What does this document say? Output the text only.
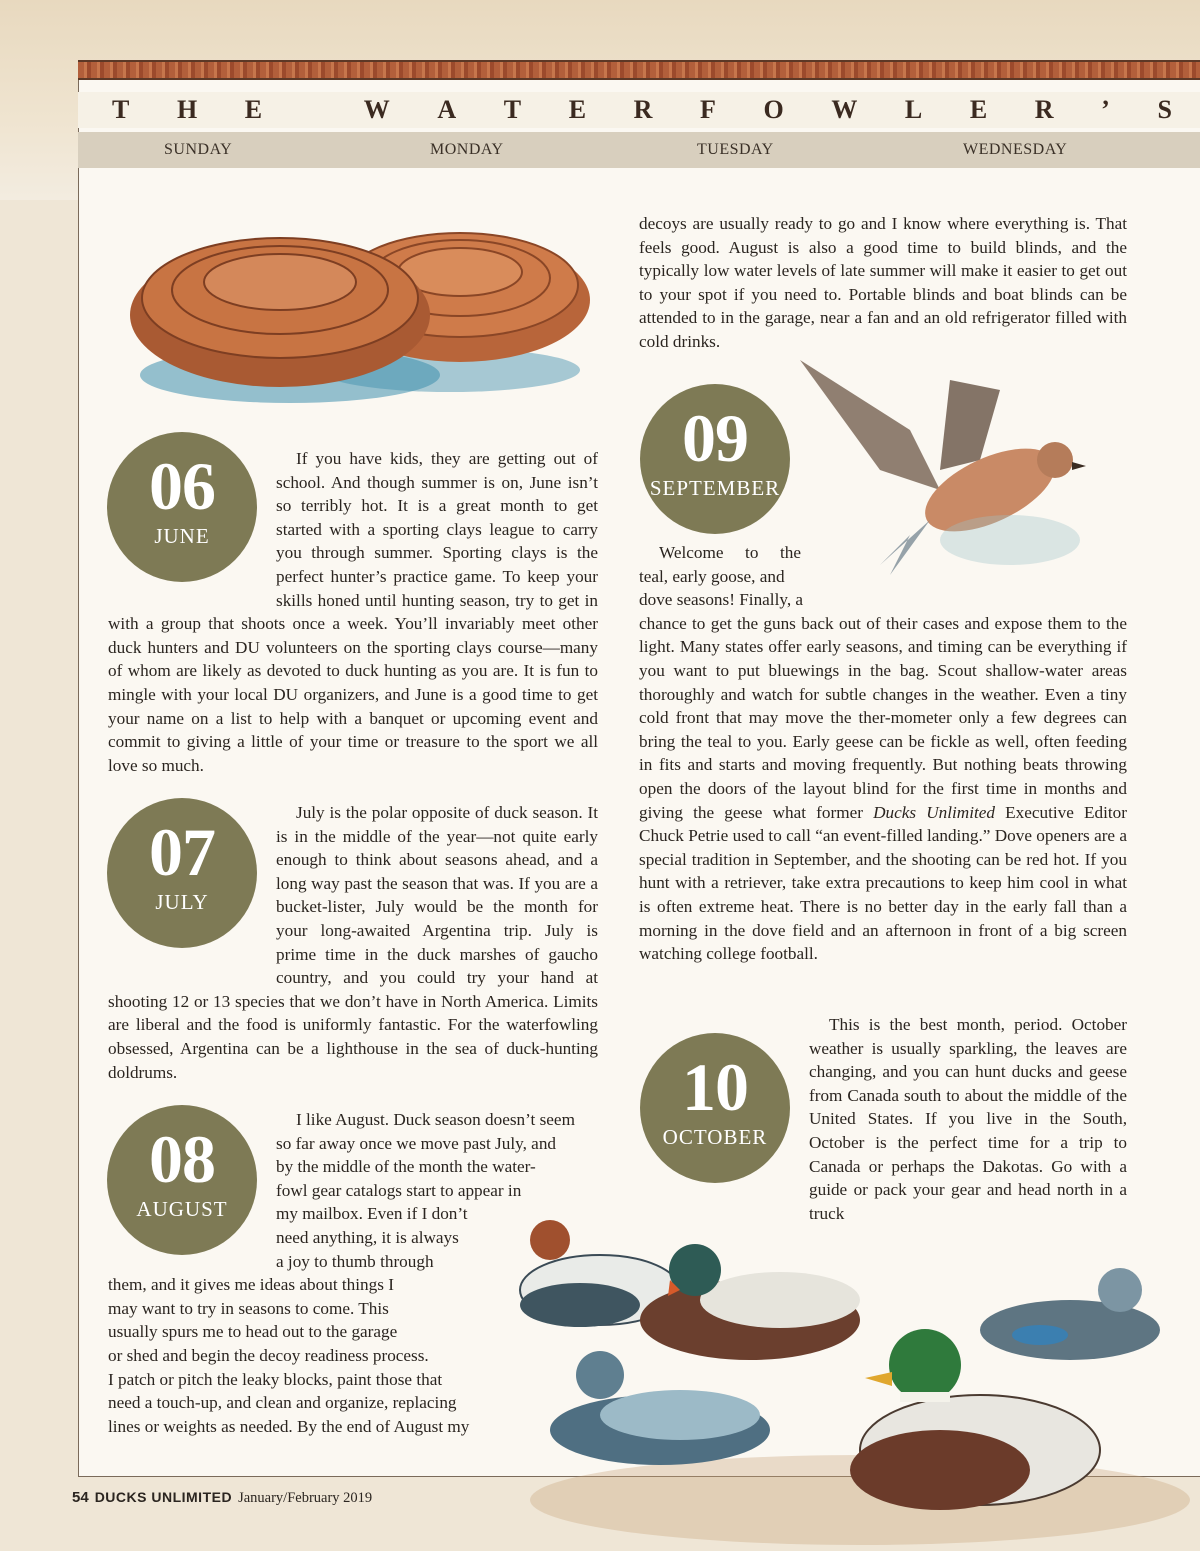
T H E
	W A T E R F O W L E R ’ S
SUNDAY	MONDAY	TUESDAY	WEDNESDAY
06
JUNE
If you have kids, they are getting out of school. And though summer is on, June isn’t so terribly hot. It is a great month to get started with a sporting clays league to carry you through summer. Sporting clays is the perfect hunter’s practice game. To keep your skills honed until hunting season, try to get in with a group that shoots once a week. You’ll invariably meet other duck hunters and DU volunteers on the sporting clays course—many of whom are likely as devoted to duck hunting as you are. It is fun to mingle with your local DU organizers, and June is a good time to get your name on a list to help with a banquet or upcoming event and commit to giving a little of your time or treasure to the sport we all love so much.
07
JULY
July is the polar opposite of duck season. It is in the middle of the year—not quite early enough to think about seasons ahead, and a long way past the season that was. If you are a bucket-lister, July would be the month for your long-awaited Argentina trip. July is prime time in the duck marshes of gaucho country, and you could try your hand at shooting 12 or 13 species that we don’t have in North America. Limits are liberal and the food is uniformly fantastic. For the waterfowling obsessed, Argentina can be a lighthouse in the sea of duck-hunting doldrums.
08
AUGUST
I like August. Duck season doesn’t seem
so far away once we move past July, and
by the middle of the month the water-
fowl gear catalogs start to appear in
my mailbox. Even if I don’t
need anything, it is always
a joy to thumb through
them, and it gives me ideas about things I
may want to try in seasons to come. This
usually spurs me to head out to the garage
or shed and begin the decoy readiness process.
I patch or pitch the leaky blocks, paint those that
need a touch-up, and clean and organize, replacing
lines or weights as needed. By the end of August my
decoys are usually ready to go and I know where everything is. That feels good. August is also a good time to build blinds, and the typically low water levels of late summer will make it easier to get out to your spot if you need to. Portable blinds and boat blinds can be attended to in the garage, near a fan and an old refrigerator filled with cold drinks.
09
SEPTEMBER
Welcome to the
teal, early goose, and
dove seasons! Finally, a
chance to get the guns back out of their cases and expose them to the light. Many states offer early seasons, and timing can be everything if you want to put bluewings in the bag. Scout shallow-water areas thoroughly and watch for subtle changes in the weather. Even a tiny cold front that may move the ther-mometer only a few degrees can bring the teal to you. Early geese can be fickle as well, often feeding in fits and starts and moving frequently. But nothing beats throwing open the doors of the layout blind for the first time in months and giving the geese what former Ducks Unlimited Executive Editor Chuck Petrie used to call “an event-filled landing.” Dove openers are a special tradition in September, and the shooting can be red hot. If you hunt with a retriever, take extra precautions to keep him cool in what is often extreme heat. There is no better day in the early fall than a morning in the dove field and an afternoon in front of a big screen watching college football.
10
OCTOBER
This is the best month, period. October weather is usually sparkling, the leaves are changing, and you can hunt ducks and geese from Canada south to about the middle of the United States. If you live in the South, October is the perfect time for a trip to Canada or perhaps the Dakotas. Go with a guide or pack your gear and head north in a truck
54 DUCKS UNLIMITED January/February 2019
